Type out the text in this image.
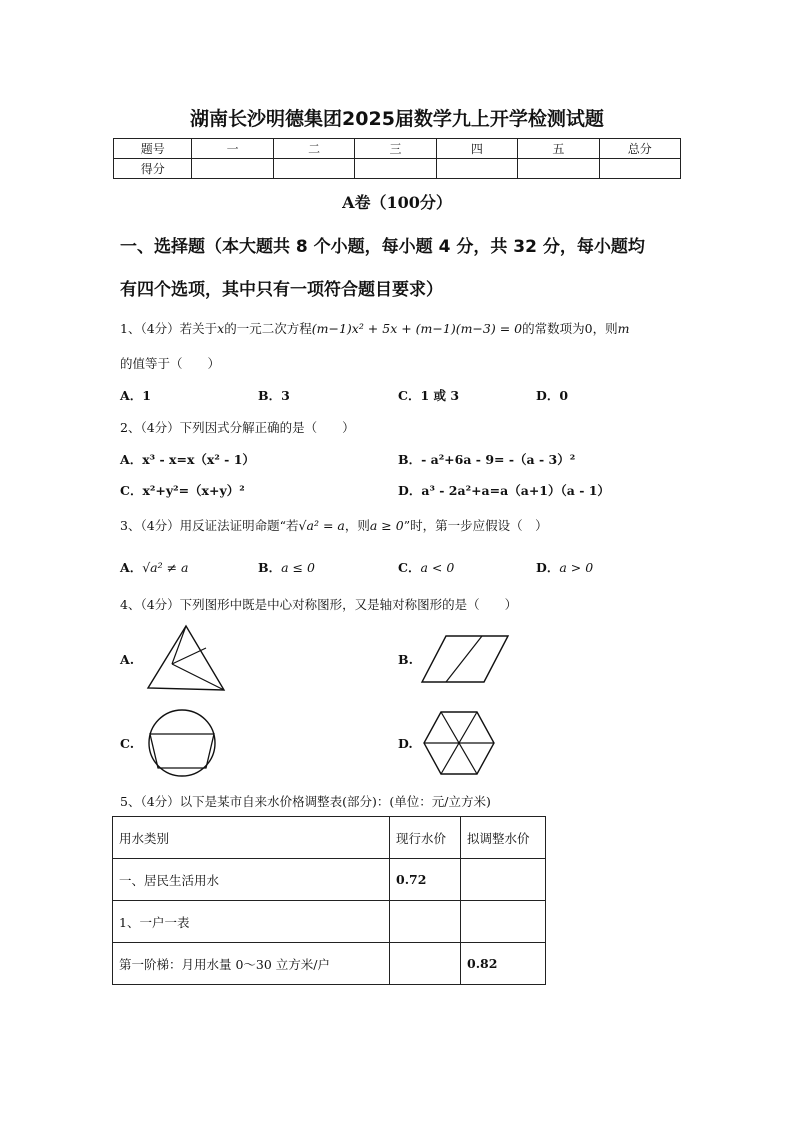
湖南长沙明德集团2025届数学九上开学检测试题
题号	一	二	三	四	五	总分
得分						
A卷（100分）
一、选择题（本大题共 8 个小题，每小题 4 分，共 32 分，每小题均
有四个选项，其中只有一项符合题目要求）
1、（4分）若关于x的一元二次方程(m−1)x² + 5x + (m−1)(m−3) = 0的常数项为0，则m
的值等于（　　）
A．1	B．3	C．1 或 3	D．0
2、（4分）下列因式分解正确的是（　　）
A．x³ - x=x（x² - 1）	B．- a²+6a - 9= -（a - 3）²
C．x²+y²=（x+y）²	D．a³ - 2a²+a=a（a+1）（a - 1）
3、（4分）用反证法证明命题“若√a² = a，则a ≥ 0”时，第一步应假设（　）
A．√a² ≠ a	B．a ≤ 0	C．a < 0	D．a > 0
4、（4分）下列图形中既是中心对称图形，又是轴对称图形的是（　　）
A.	B.
C.	D.
5、（4分）以下是某市自来水价格调整表(部分)：(单位：元/立方米)
用水类别	现行水价	拟调整水价
一、居民生活用水	0.72	
1、一户一表		
第一阶梯：月用水量 0～30 立方米/户		0.82
